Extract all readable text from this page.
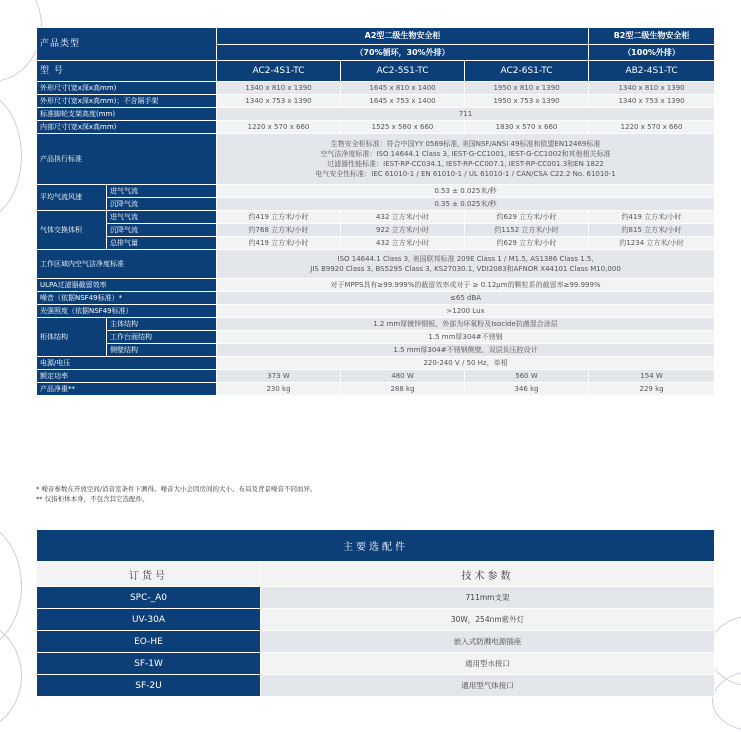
产品类型		A2型二级生物安全柜			B2型二级生物安全柜
		（70%循环，30%外排）			（100%外排）
型 号		AC2-4S1-TC	AC2-5S1-TC	AC2-6S1-TC	AB2-4S1-TC
外形尺寸(宽x深x高mm)		1340 x 810 x 1390	1645 x 810 x 1400	1950 x 810 x 1390	1340 x 810 x 1390
外形尺寸(宽x深x高mm)；不含隔手架		1340 x 753 x 1390	1645 x 753 x 1400	1950 x 753 x 1390	1340 x 753 x 1390
标准脚轮支架高度(mm)		711			
内部尺寸(宽x深x高mm)		1220 x 570 x 660	1525 x 580 x 660	1830 x 570 x 660	1220 x 570 x 660
产品执行标准		生物安全柜标准：符合中国YY 0569标准, 美国NSF/ANSI 49标准和欧盟EN12469标准
空气洁净度标准：ISO 14644.1 Class 3, IEST-G-CC1001, IEST-G-CC1002和其他相关标准
过滤器性能标准：IEST-RP-CC034.1, IEST-RP-CC007.1, IEST-RP-CC001.3和EN 1822
电气安全性标准：IEC 61010-1 / EN 61010-1 / UL 61010-1 / CAN/CSA C22.2 No. 61010-1			

平均气流风速	进气气流	0.53 ± 0.025米/秒			
	沉降气流	0.35 ± 0.025米/秒			
气体交换体积	进气气流	约419 立方米/小时	432 立方米/小时	约629 立方米/小时	约419 立方米/小时
	沉降气流	约768 立方米/小时	922 立方米/小时	约1152 立方米/小时	约815 立方米/小时
	总排气量	约419 立方米/小时	432 立方米/小时	约629 立方米/小时	约1234 立方米/小时
工作区域内空气洁净度标准		ISO 14644.1 Class 3, 美国联邦标准 209E Class 1 / M1.5, AS1386 Class 1.5,
JIS B9920 Class 3, BS5295 Class 3, KS27030.1, VDI2083和AFNOR X44101 Class M10,000			

ULPA过滤器截留效率		对于MPPS具有≥99.999%的截留效率或对于 ≥ 0.12μm的颗粒系的截留率≥99.999%			
噪音（依据NSF49标准）*		≤65 dBA			
光强照度（依据NSF49标准）		>1200 Lux			
柜体结构	主体结构	1.2 mm厚镀锌钢板，外部为环氧粉及Isocide抗菌混合涂层			
	工作台面结构	1.5 mm厚304#不锈钢			
	侧壁结构	1.5 mm厚304#不锈钢侧壁，双层负压腔设计			
电源/电压		220-240 V / 50 Hz，单相			
额定功率		373 W	480 W	560 W	154 W
产品净重**		230 kg	288 kg	346 kg	229 kg
* 噪音参数在开放空间/消音室条件下测得。噪音大小会因房间的大小、布局及背景噪音不同而异。
** 仅指柜体本身，不包含其它选配件。
主要选配件	
订货号	技术参数
SPC-_A0	711mm支架
UV-30A	30W，254nm紫外灯
EO-HE	嵌入式防溅电源插座
SF-1W	通用型水接口
SF-2U	通用型气体接口
